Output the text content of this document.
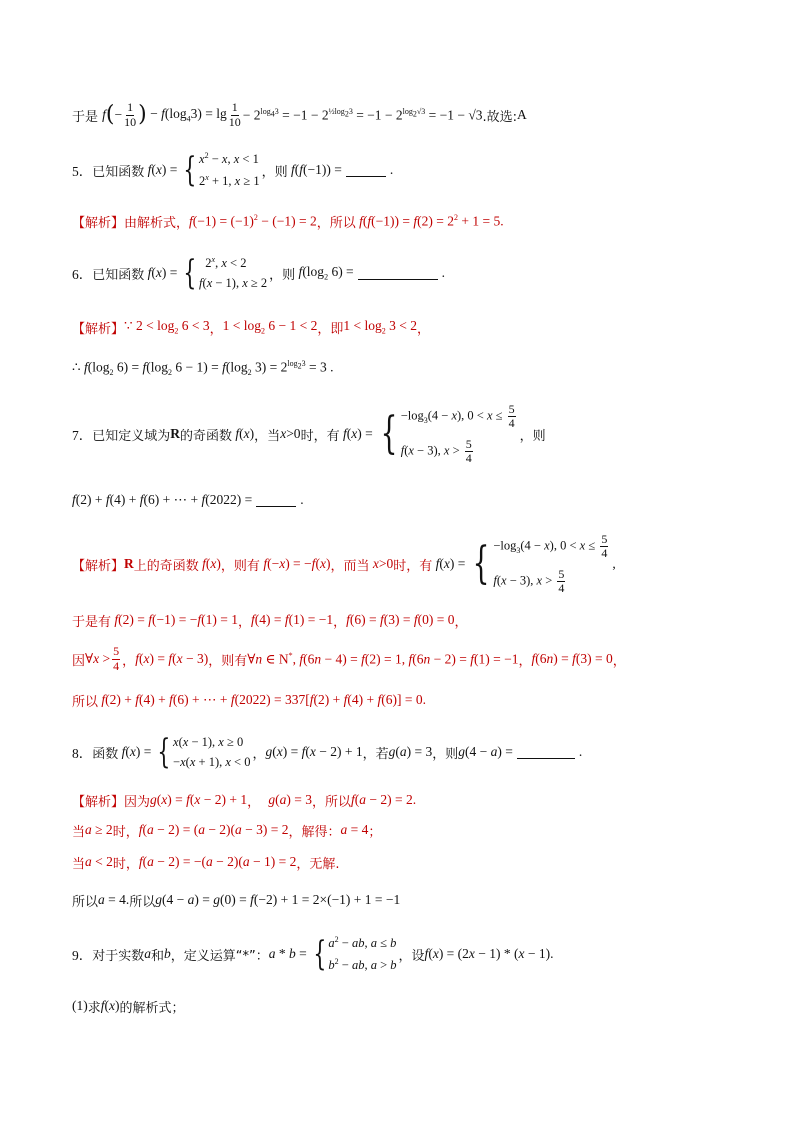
于是
f ( − $\frac{1}{10}$ ) − $f(\log_43) = \lg \frac{1}{10} - 2^{log_43} = -1 - 2^{\frac{1}{2}log_23} = -1 - 2^{log_2√3} = -1 - √3$ .故选: A
5． 已知函数 f(x) = { $x^2 - x$, x < 1
$2^x + 1$, x ≥ 1
，则 f(f(−1)) =	.
【解析】由解析式， $f(-1) = (-1)^2 - (-1) = 2$ ，所以 $f(f(-1)) = f(2) = 2^2 + 1 = 5$.
6． 已知函数 f(x) = { 2$^x$, x < 2
f(x − 1), x ≥ 2
，则 $f(\log_2$ 6) =	.
【解析】 ∵ $2 < \log_2 6 < 3$ ， $1 < \log_2 6 - 1 < 2$ ，即 $1 < \log_2 3 < 2$ ，
∴ $f(\log_2$ $6) = f(\log_2$ $6 - 1) = f(\log_2$ $3) = 2^{log_23} = 3$ .
7． 已知定义域为 R 的奇函数 f(x) ，当 x>0 时，有 f(x) = { $-\log_3(4 - x)$, $0 < x \le \frac{5}{4}$
f(x − 3), $x > \frac{5}{4}$
，则
f(2) + f(4) + f(6) + ⋯ + f(2022) =	.
【解析】 R 上的奇函数 f(x) ，则有 f(−x) = −f(x) ，而当 x>0 时，有 f(x) = { $-\log_3(4 - x)$, $0 < x \le \frac{5}{4}$
f(x − 3), $x > \frac{5}{4}$
,
于是有 f(2) = f(−1) = −f(1) = 1 ， f(4) = f(1) = −1 ， f(6) = f(3) = f(0) = 0 ，
因 ∀x > $\frac{5}{4}$ ， f(x) = f(x − 3) ，则有 ∀n ∈ N*, f(6n − 4) = f(2) = 1, f(6n − 2) = f(1) = −1 ， f(6n) = f(3) = 0 ，
所以 f(2) + f(4) + f(6) + ⋯ + f(2022) = 337[f(2) + f(4) + f(6)] = 0.
8． 函数 f(x) = { x(x − 1), x ≥ 0
−x(x + 1), x < 0 ， g(x) = f(x − 2) + 1 ，若 g(a) = 3 ，则 g(4 − a) =	.
【解析】因为 g(x) = f(x − 2) + 1 ， g(a) = 3 ，所以 f(a − 2) = 2.
当 a ≥ 2 时， f(a − 2) = (a − 2)(a − 3) = 2 ，解得： a = 4 ；
当 a < 2 时， f(a − 2) = −(a − 2)(a − 1) = 2 ，无解.
所以 a = 4. 所以 g(4 − a) = g(0) = f(−2) + 1 = 2×(−1) + 1 = −1
9． 对于实数 a 和 b ，定义运算“*”： a * b = { $a^2$ − ab, a ≤ b
$b^2$ − ab, a > b
，设 f(x) = (2x − 1) * (x − 1).
(1) 求 f(x) 的解析式；
